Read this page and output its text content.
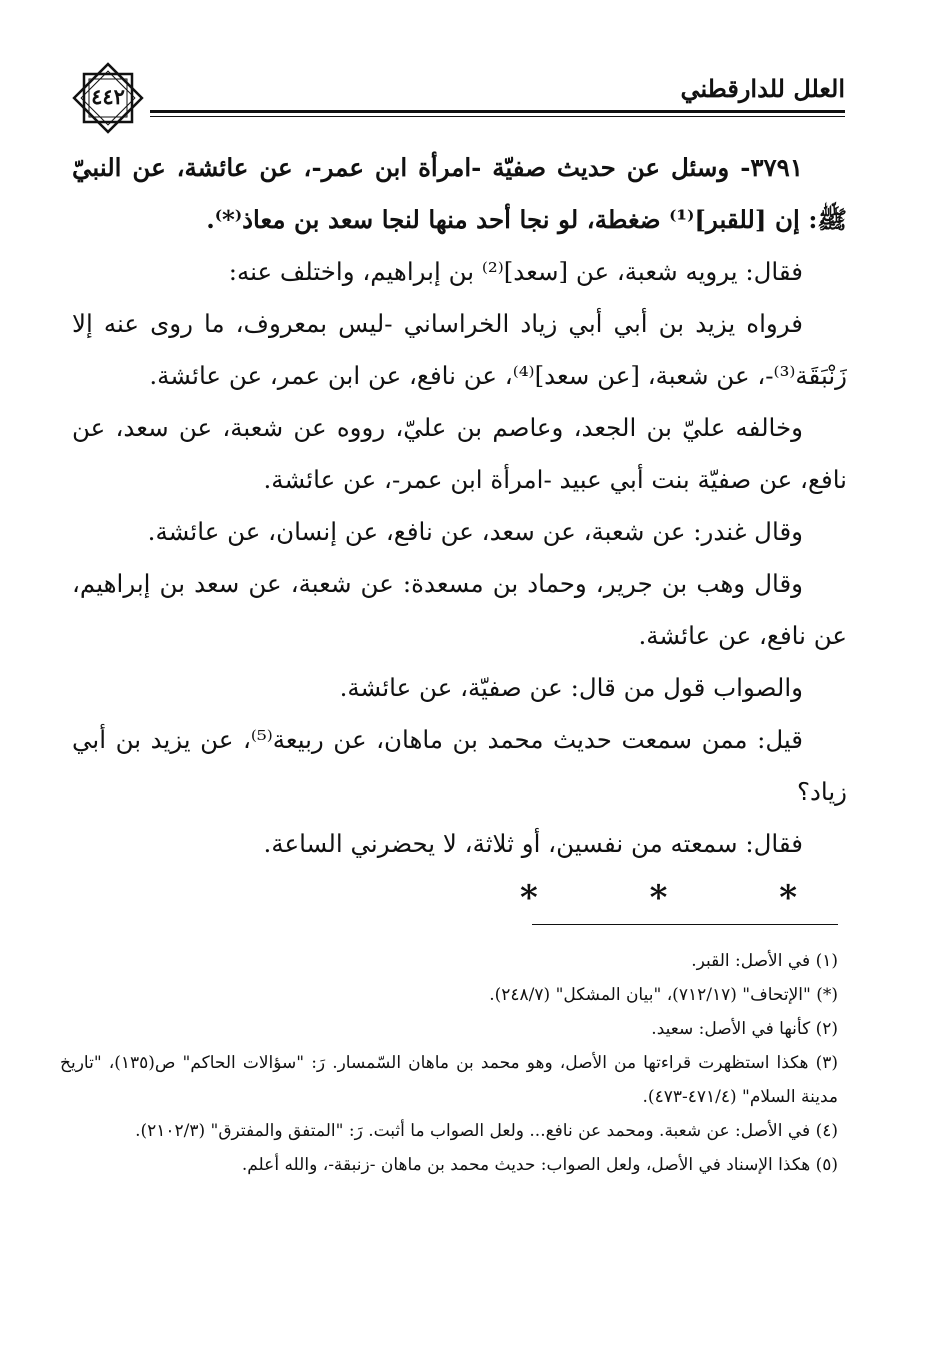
٤٤٢	العلل للدارقطني

٣٧٩١- وسئل عن حديث صفيّة -امرأة ابن عمر-، عن عائشة، عن النبيّ ﷺ: إن [للقبر]⁽¹⁾ ضغطة، لو نجا أحد منها لنجا سعد بن معاذ⁽*⁾.

فقال: يرويه شعبة، عن [سعد]⁽²⁾ بن إبراهيم، واختلف عنه:

فرواه يزيد بن أبي أبي زياد الخراساني -ليس بمعروف، ما روى عنه إلا زَنْبَقَة⁽³⁾-، عن شعبة، [عن سعد]⁽⁴⁾، عن نافع، عن ابن عمر، عن عائشة.

وخالفه عليّ بن الجعد، وعاصم بن عليّ، رووه عن شعبة، عن سعد، عن نافع، عن صفيّة بنت أبي عبيد -امرأة ابن عمر-، عن عائشة.

وقال غندر: عن شعبة، عن سعد، عن نافع، عن إنسان، عن عائشة.

وقال وهب بن جرير، وحماد بن مسعدة: عن شعبة، عن سعد بن إبراهيم، عن نافع، عن عائشة.

والصواب قول من قال: عن صفيّة، عن عائشة.

قيل: ممن سمعت حديث محمد بن ماهان، عن ربيعة⁽⁵⁾، عن يزيد بن أبي زياد؟

فقال: سمعته من نفسين، أو ثلاثة، لا يحضرني الساعة.

* * *

(١) في الأصل: القبر.

(*) "الإتحاف" (٧١٢/١٧)، "بيان المشكل" (٢٤٨/٧).

(٢) كأنها في الأصل: سعيد.

(٣) هكذا استظهرت قراءتها من الأصل، وهو محمد بن ماهان السّمسار. رَ: "سؤالات الحاكم" ص(١٣٥)، "تاريخ مدينة السلام" (٤٧١/٤-٤٧٣).

(٤) في الأصل: عن شعبة. ومحمد عن نافع... ولعل الصواب ما أثبت. رَ: "المتفق والمفترق" (٢١٠٢/٣).

(٥) هكذا الإسناد في الأصل، ولعل الصواب: حديث محمد بن ماهان -زنبقة-، والله أعلم.
